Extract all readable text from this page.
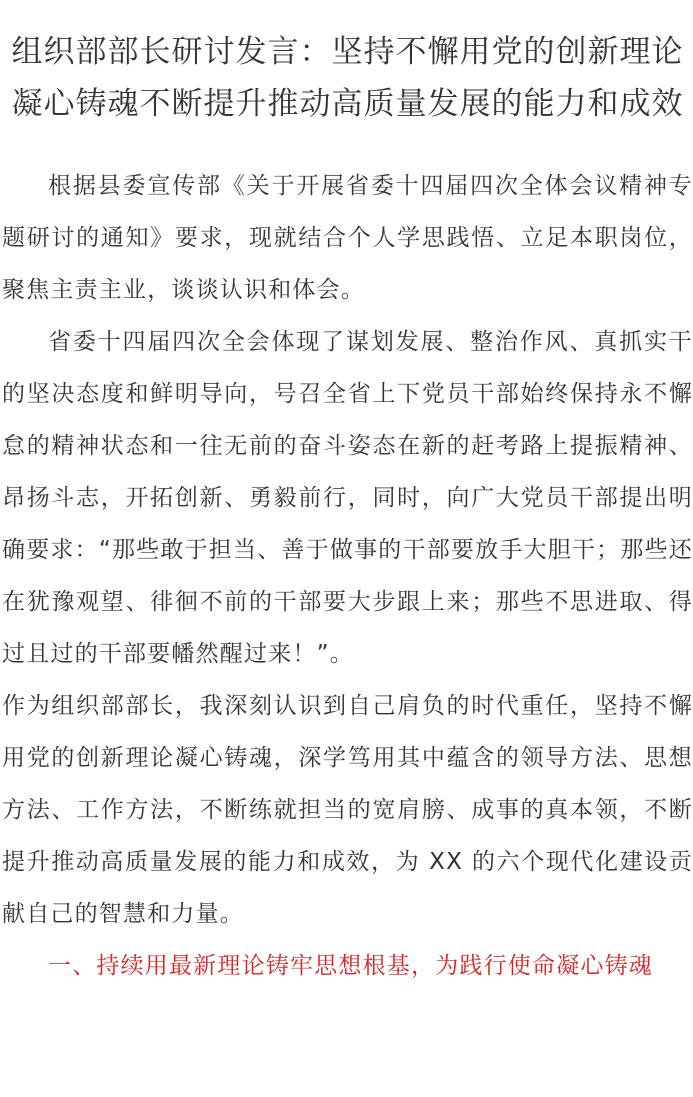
组织部部长研讨发言：坚持不懈用党的创新理论凝心铸魂不断提升推动高质量发展的能力和成效

根据县委宣传部《关于开展省委十四届四次全体会议精神专题研讨的通知》要求，现就结合个人学思践悟、立足本职岗位，聚焦主责主业，谈谈认识和体会。

省委十四届四次全会体现了谋划发展、整治作风、真抓实干的坚决态度和鲜明导向，号召全省上下党员干部始终保持永不懈怠的精神状态和一往无前的奋斗姿态在新的赶考路上提振精神、昂扬斗志，开拓创新、勇毅前行，同时，向广大党员干部提出明确要求：“那些敢于担当、善于做事的干部要放手大胆干；那些还在犹豫观望、徘徊不前的干部要大步跟上来；那些不思进取、得过且过的干部要幡然醒过来！”。

作为组织部部长，我深刻认识到自己肩负的时代重任，坚持不懈用党的创新理论凝心铸魂，深学笃用其中蕴含的领导方法、思想方法、工作方法，不断练就担当的宽肩膀、成事的真本领，不断提升推动高质量发展的能力和成效，为 XX 的六个现代化建设贡献自己的智慧和力量。

一、持续用最新理论铸牢思想根基，为践行使命凝心铸魂
